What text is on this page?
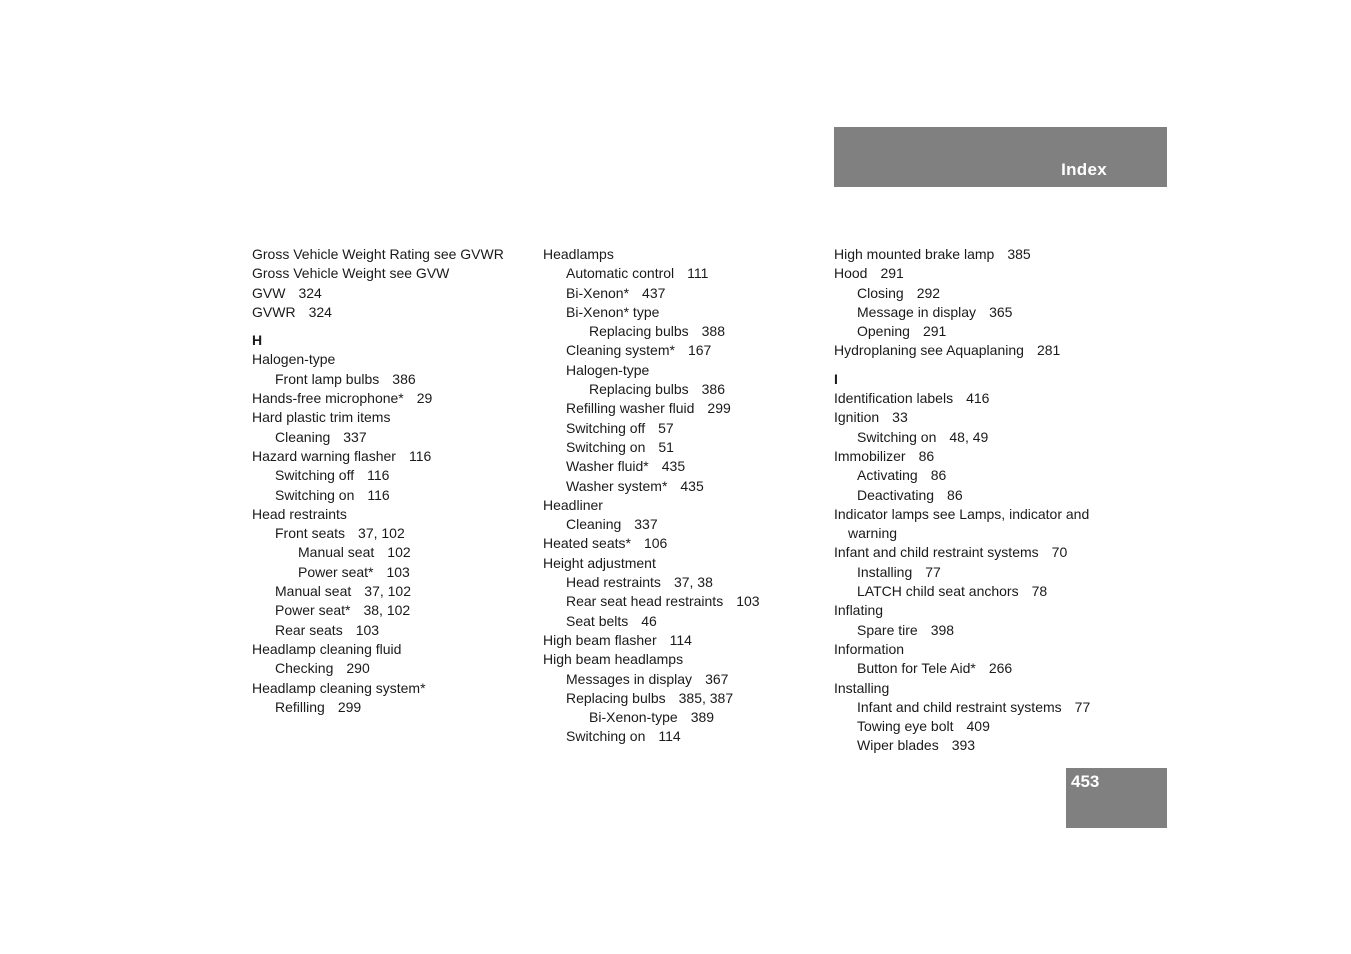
Index
Gross Vehicle Weight Rating see GVWR
Gross Vehicle Weight see GVW
GVW 324
GVWR 324
H
Halogen-type
Front lamp bulbs 386
Hands-free microphone* 29
Hard plastic trim items
Cleaning 337
Hazard warning flasher 116
Switching off 116
Switching on 116
Head restraints
Front seats 37, 102
Manual seat 102
Power seat* 103
Manual seat 37, 102
Power seat* 38, 102
Rear seats 103
Headlamp cleaning fluid
Checking 290
Headlamp cleaning system*
Refilling 299
Headlamps
Automatic control 111
Bi-Xenon* 437
Bi-Xenon* type
Replacing bulbs 388
Cleaning system* 167
Halogen-type
Replacing bulbs 386
Refilling washer fluid 299
Switching off 57
Switching on 51
Washer fluid* 435
Washer system* 435
Headliner
Cleaning 337
Heated seats* 106
Height adjustment
Head restraints 37, 38
Rear seat head restraints 103
Seat belts 46
High beam flasher 114
High beam headlamps
Messages in display 367
Replacing bulbs 385, 387
Bi-Xenon-type 389
Switching on 114
High mounted brake lamp 385
Hood 291
Closing 292
Message in display 365
Opening 291
Hydroplaning see Aquaplaning 281
I
Identification labels 416
Ignition 33
Switching on 48, 49
Immobilizer 86
Activating 86
Deactivating 86
Indicator lamps see Lamps, indicator and warning
Infant and child restraint systems 70
Installing 77
LATCH child seat anchors 78
Inflating
Spare tire 398
Information
Button for Tele Aid* 266
Installing
Infant and child restraint systems 77
Towing eye bolt 409
Wiper blades 393
453
